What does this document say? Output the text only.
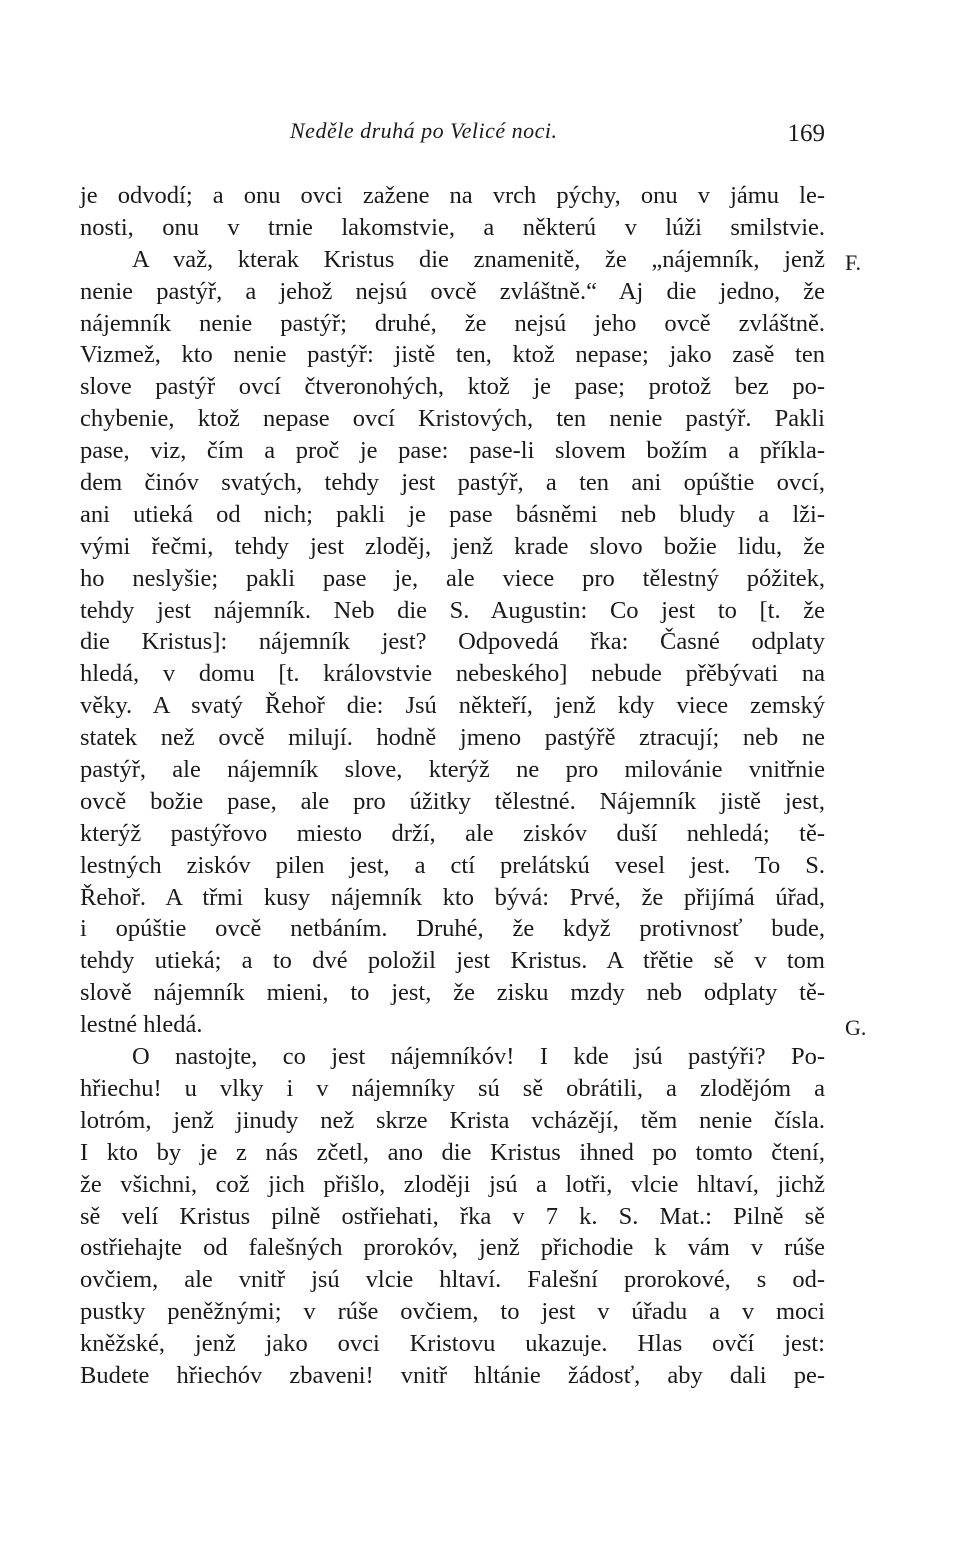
Neděle druhá po Velicé noci.	169
F.
G.
je odvodí; a onu ovci zažene na vrch pýchy, onu v jámu le-
nosti, onu v trnie lakomstvie, a některú v lúži smilstvie.
A važ, kterak Kristus die znamenitě, že „nájemník, jenž
nenie pastýř, a jehož nejsú ovcě zvláštně.“ Aj die jedno, že
nájemník nenie pastýř; druhé, že nejsú jeho ovcě zvláštně.
Vizmež, kto nenie pastýř: jistě ten, ktož nepase; jako zasě ten
slove pastýř ovcí čtveronohých, ktož je pase; protož bez po-
chybenie, ktož nepase ovcí Kristových, ten nenie pastýř. Pakli
pase, viz, čím a proč je pase: pase-li slovem božím a příkla-
dem činóv svatých, tehdy jest pastýř, a ten ani opúštie ovcí,
ani utieká od nich; pakli je pase básněmi neb bludy a lži-
vými řečmi, tehdy jest zloděj, jenž krade slovo božie lidu, že
ho neslyšie; pakli pase je, ale viece pro tělestný póžitek,
tehdy jest nájemník. Neb die S. Augustin: Co jest to [t. že
die Kristus]: nájemník jest? Odpovedá řka: Časné odplaty
hledá, v domu [t. královstvie nebeského] nebude přěbývati na
věky. A svatý Řehoř die: Jsú někteří, jenž kdy viece zemský
statek než ovcě milují. hodně jmeno pastýřě ztracují; neb ne
pastýř, ale nájemník slove, kterýž ne pro milovánie vnitřnie
ovcě božie pase, ale pro úžitky tělestné. Nájemník jistě jest,
kterýž pastýřovo miesto drží, ale ziskóv duší nehledá; tě-
lestných ziskóv pilen jest, a ctí prelátskú vesel jest. To S.
Řehoř. A třmi kusy nájemník kto bývá: Prvé, že přijímá úřad,
i opúštie ovcě netbáním. Druhé, že když protivnosť bude,
tehdy utieká; a to dvé položil jest Kristus. A třětie sě v tom
slově nájemník mieni, to jest, že zisku mzdy neb odplaty tě-
lestné hledá.
O nastojte, co jest nájemníkóv! I kde jsú pastýři? Po-
hřiechu! u vlky i v nájemníky sú sě obrátili, a zlodějóm a
lotróm, jenž jinudy než skrze Krista vcházějí, těm nenie čísla.
I kto by je z nás zčetl, ano die Kristus ihned po tomto čtení,
že všichni, což jich přišlo, zloději jsú a lotři, vlcie hltaví, jichž
sě velí Kristus pilně ostřiehati, řka v 7 k. S. Mat.: Pilně sě
ostřiehajte od falešných prorokóv, jenž přichodie k vám v rúše
ovčiem, ale vnitř jsú vlcie hltaví. Falešní prorokové, s od-
pustky peněžnými; v rúše ovčiem, to jest v úřadu a v moci
kněžské, jenž jako ovci Kristovu ukazuje. Hlas ovčí jest:
Budete hřiechóv zbaveni! vnitř hltánie žádosť, aby dali pe-
